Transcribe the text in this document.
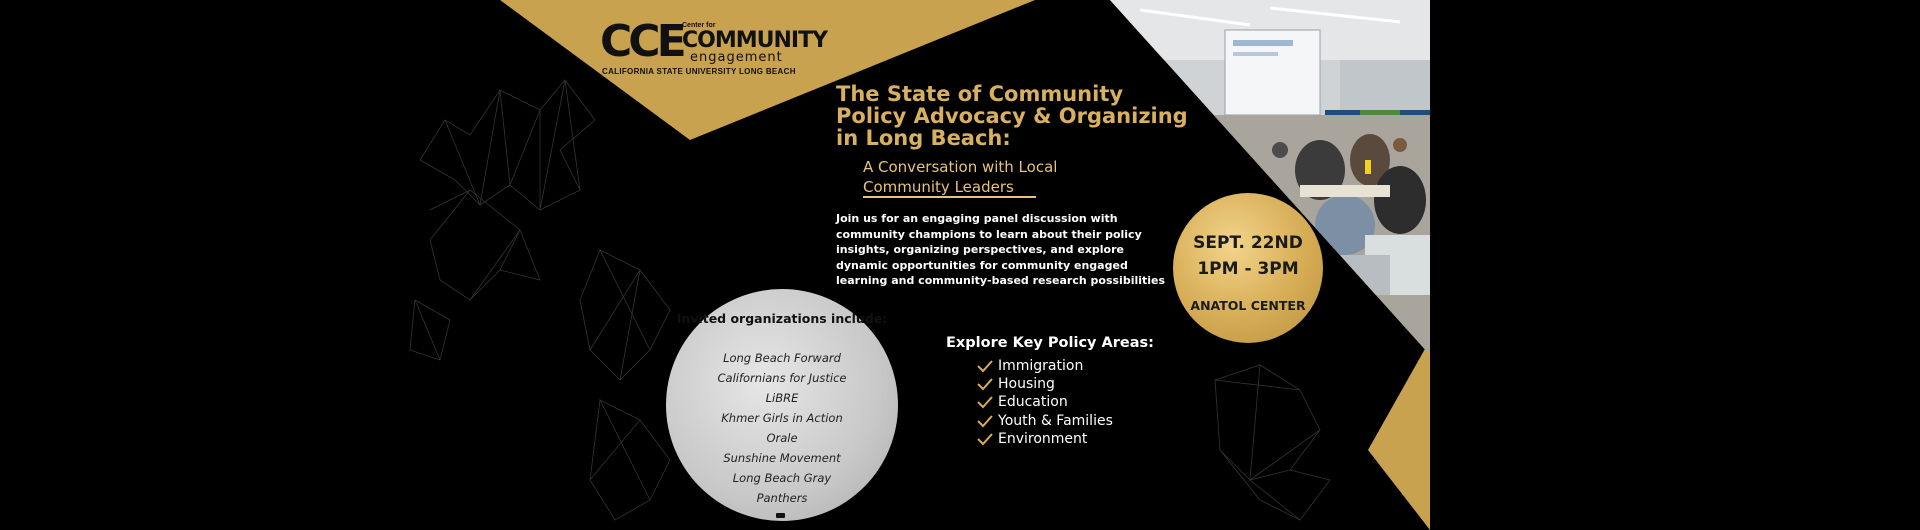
CCE Center for
COMMUNITY
engagement
CALIFORNIA STATE UNIVERSITY LONG BEACH
The State of Community Policy Advocacy & Organizing in Long Beach:

A Conversation with Local Community Leaders

Join us for an engaging panel discussion with community champions to learn about their policy insights, organizing perspectives, and explore dynamic opportunities for community engaged learning and community-based research possibilities

SEPT. 22ND
1PM - 3PM
ANATOL CENTER
Invited organizations include:
Long Beach Forward
Californians for Justice
LiBRE
Khmer Girls in Action
Orale
Sunshine Movement
Long Beach Gray
Panthers
Explore Key Policy Areas:
Immigration
Housing
Education
Youth & Families
Environment
